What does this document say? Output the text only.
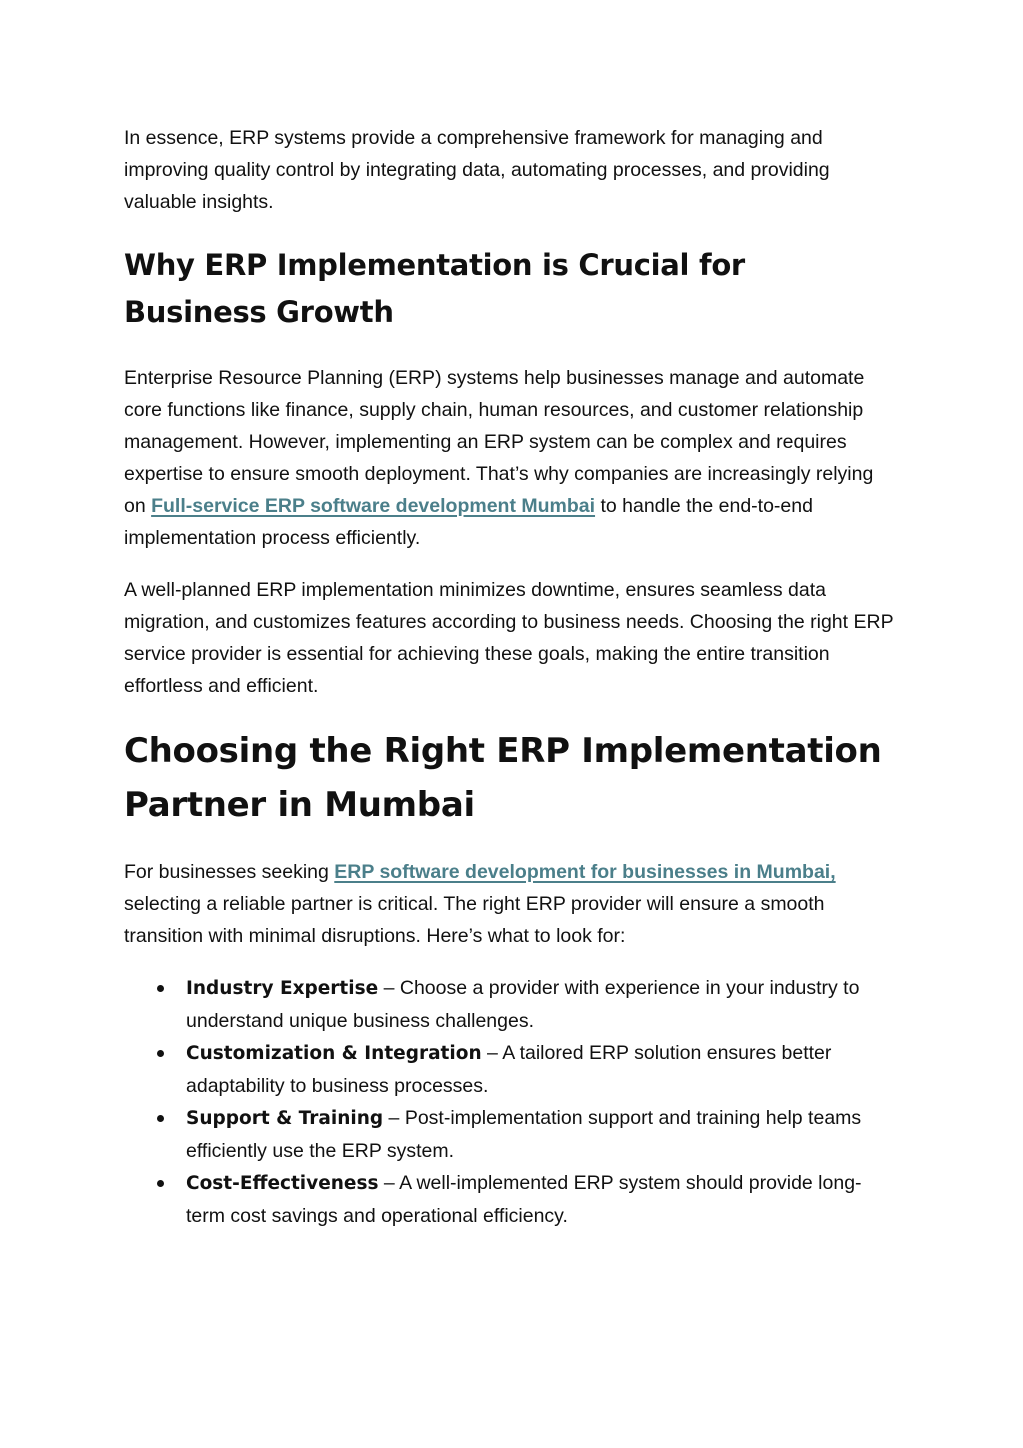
In essence, ERP systems provide a comprehensive framework for managing and improving quality control by integrating data, automating processes, and providing valuable insights.

Why ERP Implementation is Crucial for Business Growth

Enterprise Resource Planning (ERP) systems help businesses manage and automate core functions like finance, supply chain, human resources, and customer relationship management. However, implementing an ERP system can be complex and requires expertise to ensure smooth deployment. That’s why companies are increasingly relying on Full-service ERP software development Mumbai to handle the end-to-end implementation process efficiently.

A well-planned ERP implementation minimizes downtime, ensures seamless data migration, and customizes features according to business needs. Choosing the right ERP service provider is essential for achieving these goals, making the entire transition effortless and efficient.

Choosing the Right ERP Implementation Partner in Mumbai

For businesses seeking ERP software development for businesses in Mumbai, selecting a reliable partner is critical. The right ERP provider will ensure a smooth transition with minimal disruptions. Here’s what to look for:

Industry Expertise – Choose a provider with experience in your industry to understand unique business challenges.
Customization & Integration – A tailored ERP solution ensures better adaptability to business processes.
Support & Training – Post-implementation support and training help teams efficiently use the ERP system.
Cost-Effectiveness – A well-implemented ERP system should provide long-term cost savings and operational efficiency.
